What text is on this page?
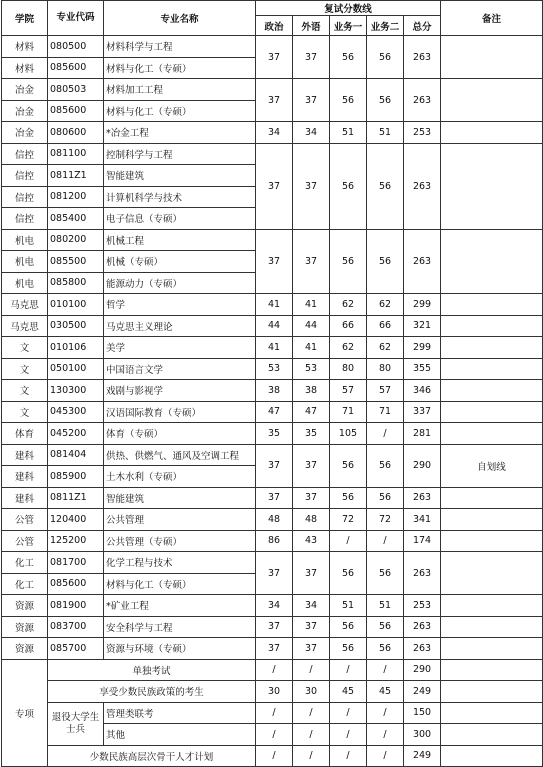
学院	专业代码	专业名称	复试分数线					备注
			政治	外语	业务一	业务二	总分	
材料	080500	材料科学与工程	37	37	56	56	263	
材料	085600	材料与化工（专硕）						
冶金	080503	材料加工工程	37	37	56	56	263	
冶金	085600	材料与化工（专硕）						
冶金	080600	*冶金工程	34	34	51	51	253	
信控	081100	控制科学与工程	37	37	56	56	263	
信控	0811Z1	智能建筑						
信控	081200	计算机科学与技术						
信控	085400	电子信息（专硕）						
机电	080200	机械工程	37	37	56	56	263	
机电	085500	机械（专硕）						
机电	085800	能源动力（专硕）						
马克思	010100	哲学	41	41	62	62	299	
马克思	030500	马克思主义理论	44	44	66	66	321	
文	010106	美学	41	41	62	62	299	
文	050100	中国语言文学	53	53	80	80	355	
文	130300	戏剧与影视学	38	38	57	57	346	
文	045300	汉语国际教育（专硕）	47	47	71	71	337	
体育	045200	体育（专硕）	35	35	105	/	281	
建科	081404	供热、供燃气、通风及空调工程	37	37	56	56	290	自划线
建科	085900	土木水利（专硕）						
建科	0811Z1	智能建筑	37	37	56	56	263	
公管	120400	公共管理	48	48	72	72	341	
公管	125200	公共管理（专硕）	86	43	/	/	174	
化工	081700	化学工程与技术	37	37	56	56	263	
化工	085600	材料与化工（专硕）						
资源	081900	*矿业工程	34	34	51	51	253	
资源	083700	安全科学与工程	37	37	56	56	263	
资源	085700	资源与环境（专硕）	37	37	56	56	263	
专项	单独考试		/	/	/	/	290	
	享受少数民族政策的考生		30	30	45	45	249	
	退役大学生士兵	管理类联考	/	/	/	/	150	
		其他	/	/	/	/	300	
	少数民族高层次骨干人才计划		/	/	/	/	249	
